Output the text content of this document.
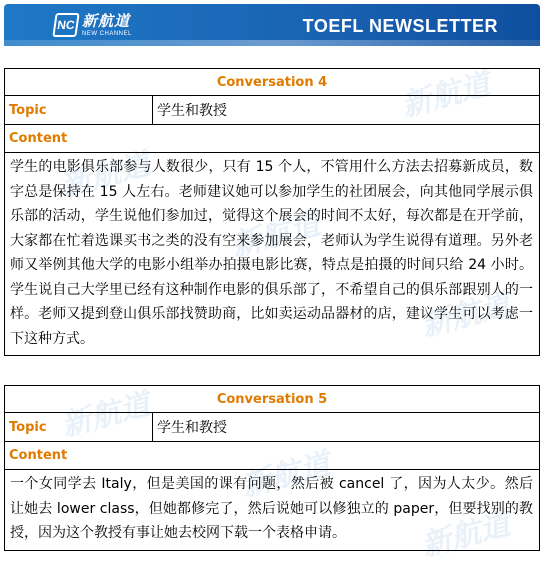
NC 新航道
NEW CHANNEL	TOEFL NEWSLETTER
新航道
新航道
新航道
新航道
新航道
新航道
新航道
Conversation 4
Topic	学生和教授
Content
学生的电影俱乐部参与人数很少，只有 15 个人，不管用什么方法去招募新成员，数字总是保持在 15 人左右。老师建议她可以参加学生的社团展会，向其他同学展示俱乐部的活动，学生说他们参加过，觉得这个展会的时间不太好，每次都是在开学前，大家都在忙着选课买书之类的没有空来参加展会，老师认为学生说得有道理。另外老师又举例其他大学的电影小组举办拍摄电影比赛，特点是拍摄的时间只给 24 小时。学生说自己大学里已经有这种制作电影的俱乐部了，不希望自己的俱乐部跟别人的一样。老师又提到登山俱乐部找赞助商，比如卖运动品器材的店，建议学生可以考虑一下这种方式。
Conversation 5
Topic	学生和教授
Content
一个女同学去 Italy，但是美国的课有问题，然后被 cancel 了，因为人太少。然后让她去 lower class，但她都修完了，然后说她可以修独立的 paper，但要找别的教授，因为这个教授有事让她去校网下载一个表格申请。
